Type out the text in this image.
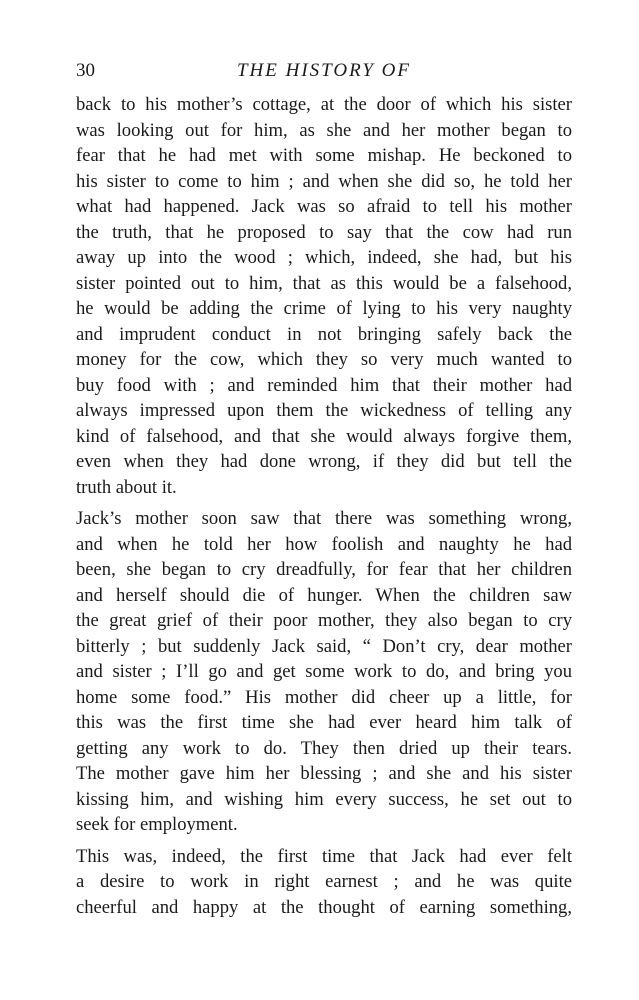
30	THE HISTORY OF
back to his mother’s cottage, at the door of which his sister
was looking out for him, as she and her mother began to
fear that he had met with some mishap. He beckoned to
his sister to come to him ; and when she did so, he told her
what had happened. Jack was so afraid to tell his mother
the truth, that he proposed to say that the cow had run
away up into the wood ; which, indeed, she had, but his
sister pointed out to him, that as this would be a falsehood,
he would be adding the crime of lying to his very naughty
and imprudent conduct in not bringing safely back the
money for the cow, which they so very much wanted to
buy food with ; and reminded him that their mother had
always impressed upon them the wickedness of telling any
kind of falsehood, and that she would always forgive them,
even when they had done wrong, if they did but tell the
truth about it.
Jack’s mother soon saw that there was something wrong,
and when he told her how foolish and naughty he had
been, she began to cry dreadfully, for fear that her children
and herself should die of hunger. When the children saw
the great grief of their poor mother, they also began to cry
bitterly ; but suddenly Jack said, “ Don’t cry, dear mother
and sister ; I’ll go and get some work to do, and bring you
home some food.” His mother did cheer up a little, for
this was the first time she had ever heard him talk of
getting any work to do. They then dried up their tears.
The mother gave him her blessing ; and she and his sister
kissing him, and wishing him every success, he set out to
seek for employment.
This was, indeed, the first time that Jack had ever felt
a desire to work in right earnest ; and he was quite
cheerful and happy at the thought of earning something,
